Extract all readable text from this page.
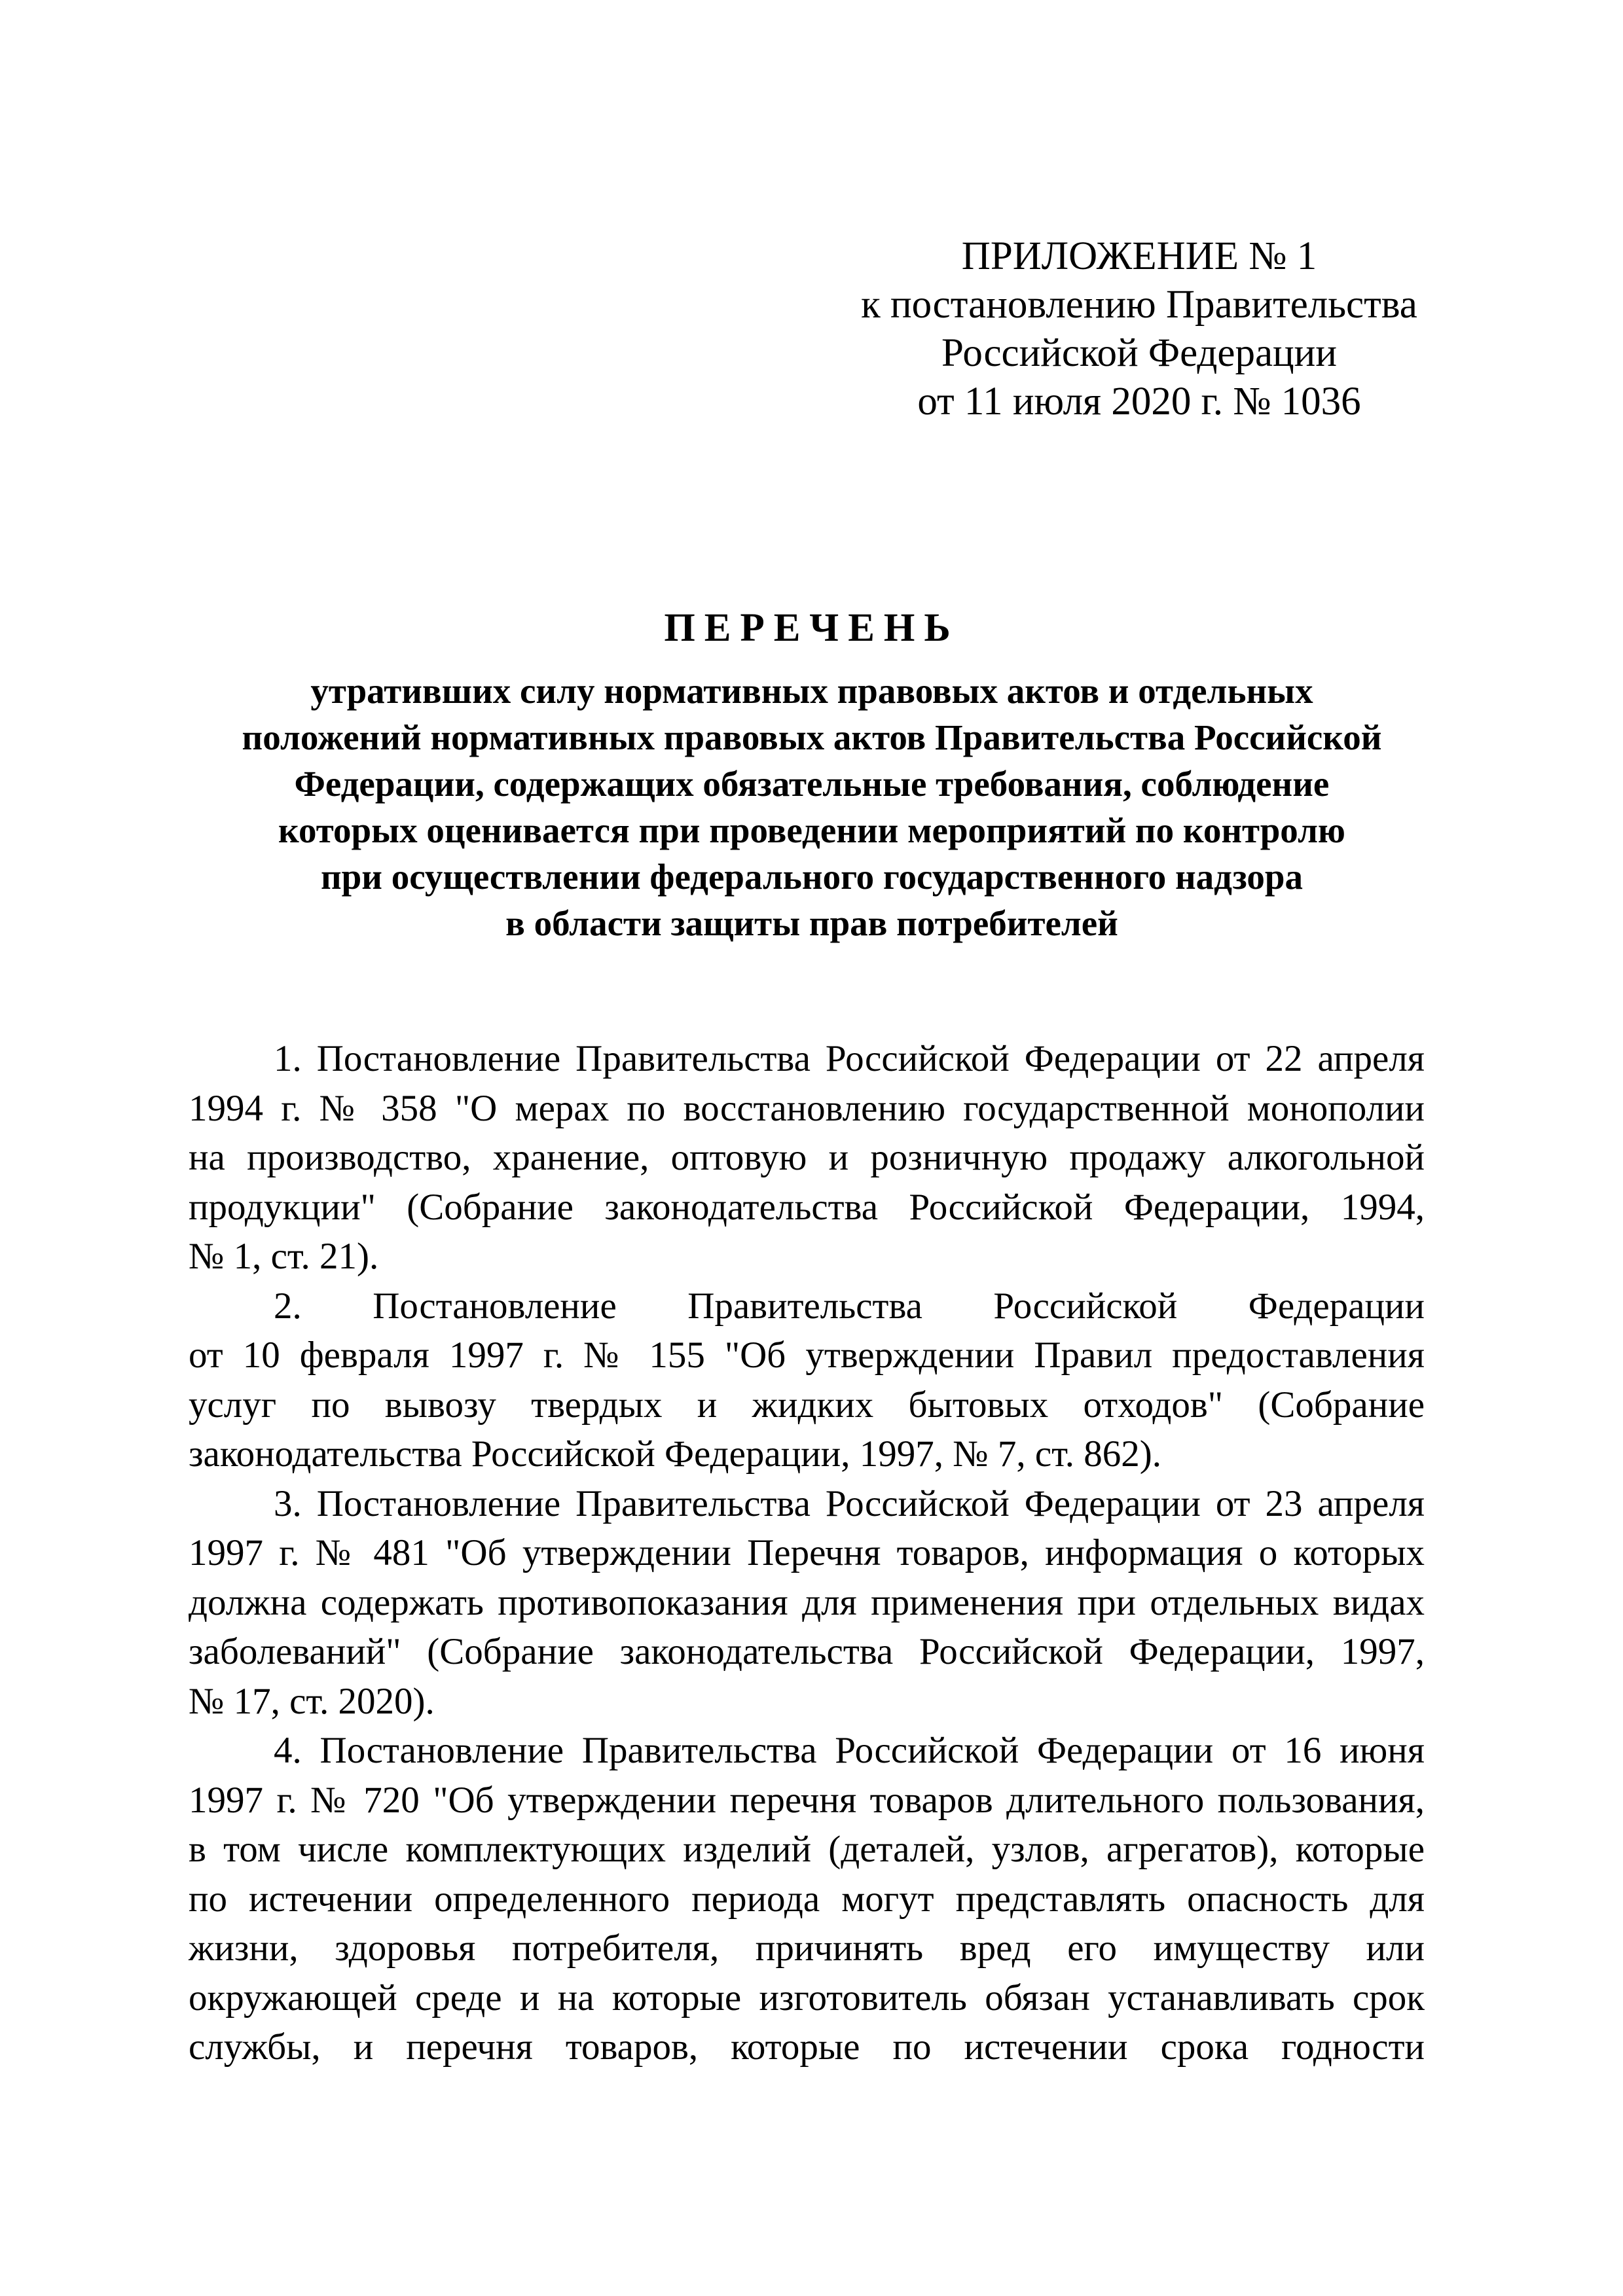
ПРИЛОЖЕНИЕ № 1
к постановлению Правительства
Российской Федерации
от 11 июля 2020 г. № 1036
ПЕРЕЧЕНЬ
утративших силу нормативных правовых актов и отдельных
положений нормативных правовых актов Правительства Российской
Федерации, содержащих обязательные требования, соблюдение
которых оценивается при проведении мероприятий по контролю
при осуществлении федерального государственного надзора
в области защиты прав потребителей
1. Постановление Правительства Российской Федерации от 22 апреля
1994 г. № 358 "О мерах по восстановлению государственной монополии
на производство, хранение, оптовую и розничную продажу алкогольной
продукции" (Собрание законодательства Российской Федерации, 1994,
№ 1, ст. 21).
2. Постановление Правительства Российской Федерации
от 10 февраля 1997 г. № 155 "Об утверждении Правил предоставления
услуг по вывозу твердых и жидких бытовых отходов" (Собрание
законодательства Российской Федерации, 1997, № 7, ст. 862).
3. Постановление Правительства Российской Федерации от 23 апреля
1997 г. № 481 "Об утверждении Перечня товаров, информация о которых
должна содержать противопоказания для применения при отдельных видах
заболеваний" (Собрание законодательства Российской Федерации, 1997,
№ 17, ст. 2020).
4. Постановление Правительства Российской Федерации от 16 июня
1997 г. № 720 "Об утверждении перечня товаров длительного пользования,
в том числе комплектующих изделий (деталей, узлов, агрегатов), которые
по истечении определенного периода могут представлять опасность для
жизни, здоровья потребителя, причинять вред его имуществу или
окружающей среде и на которые изготовитель обязан устанавливать срок
службы, и перечня товаров, которые по истечении срока годности
